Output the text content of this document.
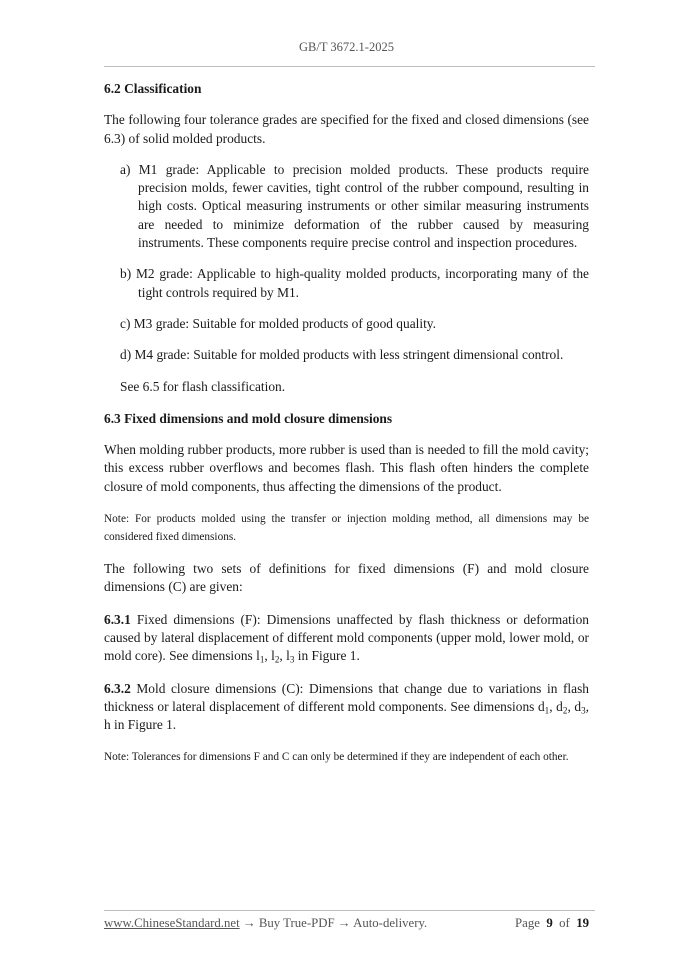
GB/T 3672.1-2025
6.2 Classification

The following four tolerance grades are specified for the fixed and closed dimensions (see 6.3) of solid molded products.

a) M1 grade: Applicable to precision molded products. These products require precision molds, fewer cavities, tight control of the rubber compound, resulting in high costs. Optical measuring instruments or other similar measuring instruments are needed to minimize deformation of the rubber caused by measuring instruments. These components require precise control and inspection procedures.

b) M2 grade: Applicable to high-quality molded products, incorporating many of the tight controls required by M1.

c) M3 grade: Suitable for molded products of good quality.

d) M4 grade: Suitable for molded products with less stringent dimensional control.

See 6.5 for flash classification.

6.3 Fixed dimensions and mold closure dimensions

When molding rubber products, more rubber is used than is needed to fill the mold cavity; this excess rubber overflows and becomes flash. This flash often hinders the complete closure of mold components, thus affecting the dimensions of the product.

Note: For products molded using the transfer or injection molding method, all dimensions may be considered fixed dimensions.

The following two sets of definitions for fixed dimensions (F) and mold closure dimensions (C) are given:

6.3.1 Fixed dimensions (F): Dimensions unaffected by flash thickness or deformation caused by lateral displacement of different mold components (upper mold, lower mold, or mold core). See dimensions $l_1$, $l_2$, $l_3$ in Figure 1.

6.3.2 Mold closure dimensions (C): Dimensions that change due to variations in flash thickness or lateral displacement of different mold components. See dimensions $d_1$, $d_2$, $d_3$, h in Figure 1.

Note: Tolerances for dimensions F and C can only be determined if they are independent of each other.

www.ChineseStandard.net → Buy True-PDF → Auto-delivery.	Page 9 of 19
